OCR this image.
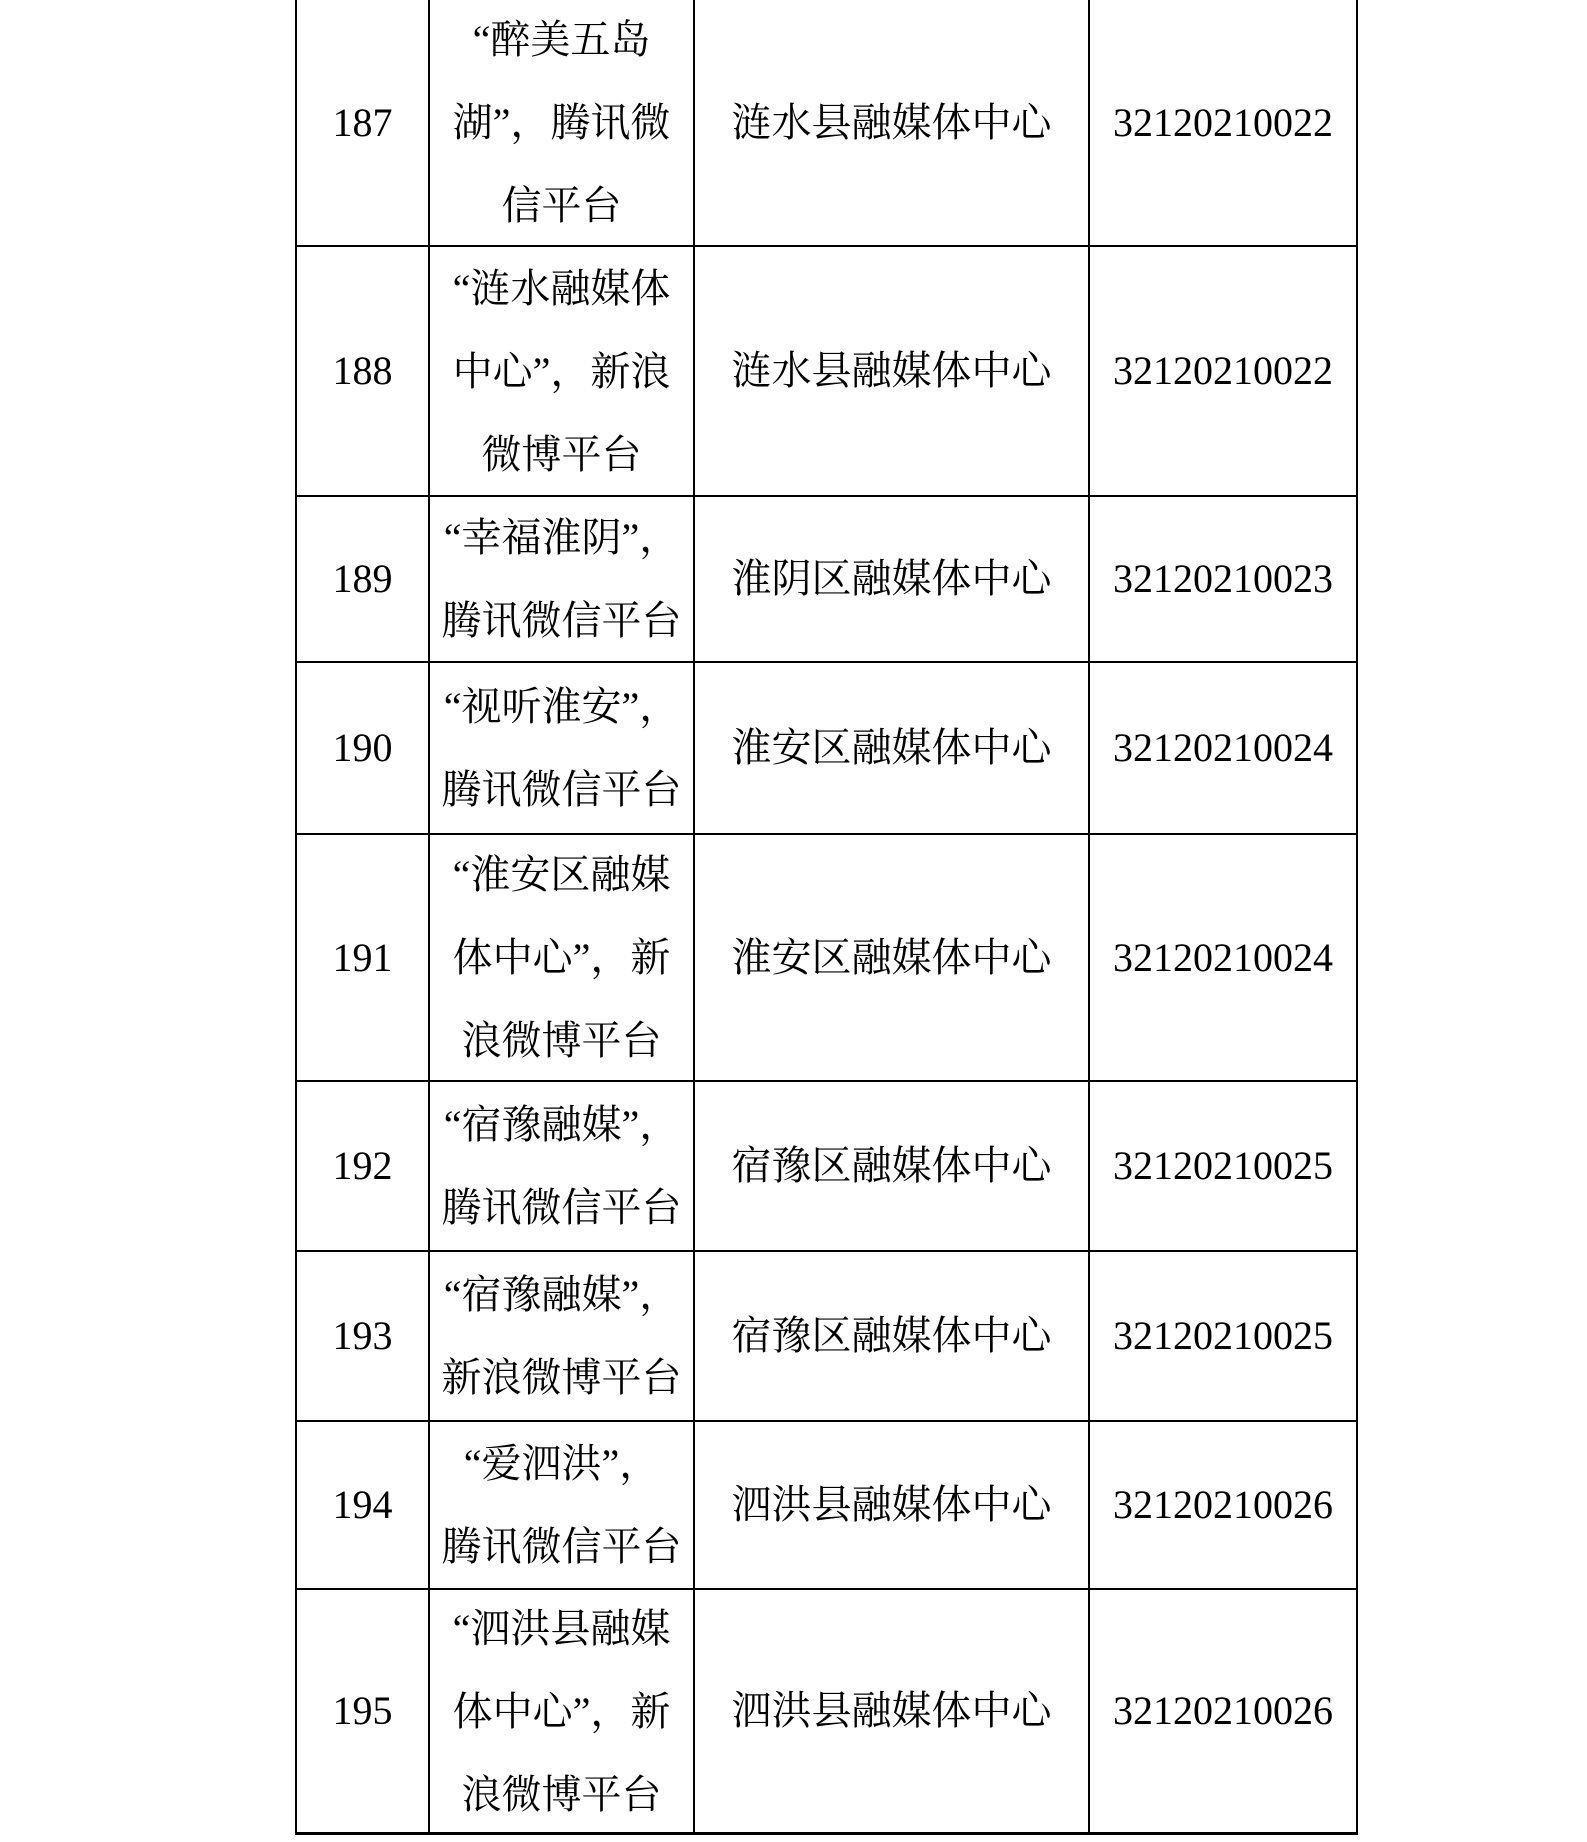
187
“醉美五岛
湖”，腾讯微
信平台
涟水县融媒体中心 32120210022
188
“涟水融媒体
中心”，新浪
微博平台
涟水县融媒体中心 32120210022
189
“幸福淮阴”，
腾讯微信平台
淮阴区融媒体中心 32120210023
190
“视听淮安”，
腾讯微信平台
淮安区融媒体中心 32120210024
191
“淮安区融媒
体中心”，新
浪微博平台
淮安区融媒体中心 32120210024
192
“宿豫融媒”，
腾讯微信平台
宿豫区融媒体中心 32120210025
193
“宿豫融媒”，
新浪微博平台
宿豫区融媒体中心 32120210025
194
“爱泗洪”，
腾讯微信平台
泗洪县融媒体中心 32120210026
195
“泗洪县融媒
体中心”，新
浪微博平台
泗洪县融媒体中心 32120210026
